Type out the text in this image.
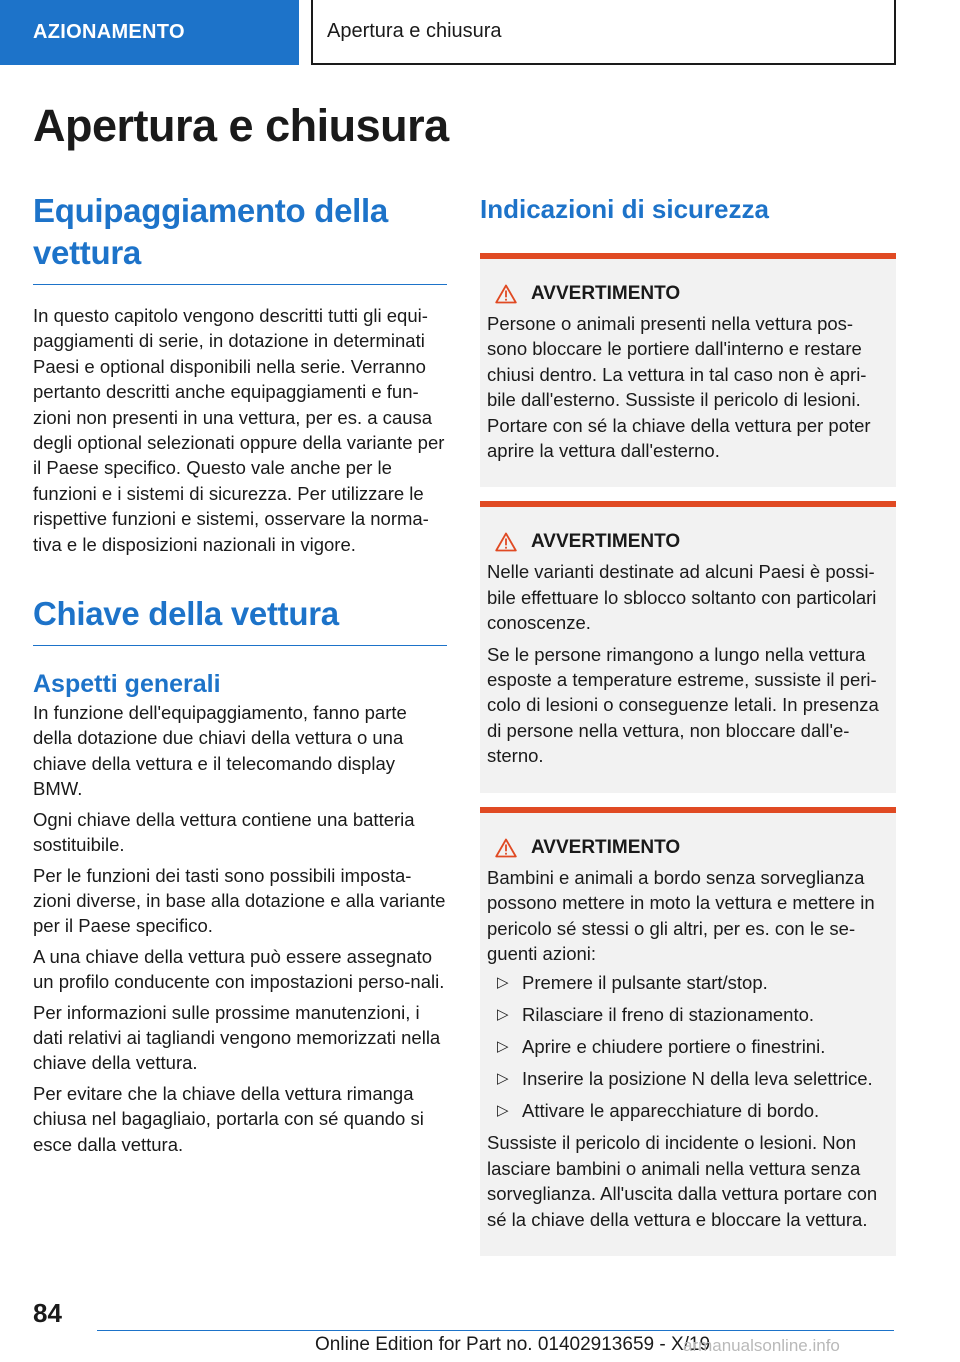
AZIONAMENTO	Apertura e chiusura
Apertura e chiusura
Equipaggiamento della vettura

In questo capitolo vengono descritti tutti gli equi-paggiamenti di serie, in dotazione in determinati Paesi e optional disponibili nella serie. Verranno pertanto descritti anche equipaggiamenti e fun-zioni non presenti in una vettura, per es. a causa degli optional selezionati oppure della variante per il Paese specifico. Questo vale anche per le funzioni e i sistemi di sicurezza. Per utilizzare le rispettive funzioni e sistemi, osservare la norma-tiva e le disposizioni nazionali in vigore.

Chiave della vettura
Aspetti generali

In funzione dell'equipaggiamento, fanno parte della dotazione due chiavi della vettura o una chiave della vettura e il telecomando display BMW.

Ogni chiave della vettura contiene una batteria sostituibile.

Per le funzioni dei tasti sono possibili imposta-zioni diverse, in base alla dotazione e alla variante per il Paese specifico.

A una chiave della vettura può essere assegnato un profilo conducente con impostazioni perso-nali.

Per informazioni sulle prossime manutenzioni, i dati relativi ai tagliandi vengono memorizzati nella chiave della vettura.

Per evitare che la chiave della vettura rimanga chiusa nel bagagliaio, portarla con sé quando si esce dalla vettura.

Indicazioni di sicurezza
AVVERTIMENTO

Persone o animali presenti nella vettura pos-sono bloccare le portiere dall'interno e restare chiusi dentro. La vettura in tal caso non è apri-bile dall'esterno. Sussiste il pericolo di lesioni. Portare con sé la chiave della vettura per poter aprire la vettura dall'esterno.

AVVERTIMENTO

Nelle varianti destinate ad alcuni Paesi è possi-bile effettuare lo sblocco soltanto con particolari conoscenze.

Se le persone rimangono a lungo nella vettura esposte a temperature estreme, sussiste il peri-colo di lesioni o conseguenze letali. In presenza di persone nella vettura, non bloccare dall'e-sterno.

AVVERTIMENTO

Bambini e animali a bordo senza sorveglianza possono mettere in moto la vettura e mettere in pericolo sé stessi o gli altri, per es. con le se-guenti azioni:

▷ Premere il pulsante start/stop.
▷ Rilasciare il freno di stazionamento.
▷ Aprire e chiudere portiere o finestrini.
▷ Inserire la posizione N della leva selettrice.
▷ Attivare le apparecchiature di bordo.

Sussiste il pericolo di incidente o lesioni. Non lasciare bambini o animali nella vettura senza sorveglianza. All'uscita dalla vettura portare con sé la chiave della vettura e bloccare la vettura.

84
Online Edition for Part no. 01402913659 - X/19
armanualsonline.info
